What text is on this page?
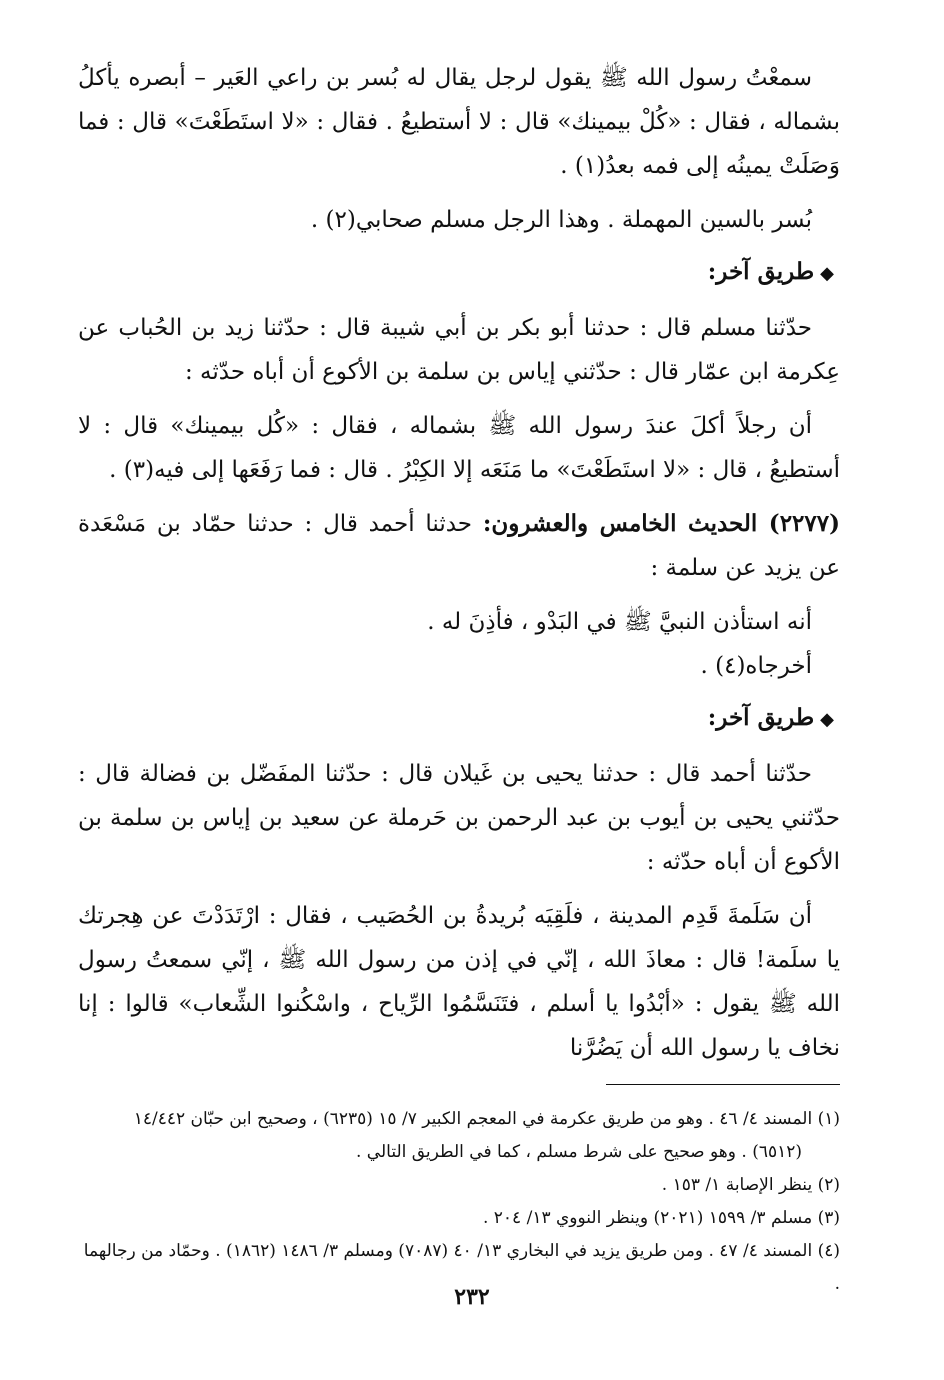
سمعْتُ رسول الله ﷺ يقول لرجل يقال له بُسر بن راعي العَير – أبصره يأكلُ بشماله ، فقال : «كُلْ بيمينك» قال : لا أستطيعُ . فقال : «لا استَطَعْتَ» قال : فما وَصَلَتْ يمينُه إلى فمه بعدُ(١) .

بُسر بالسين المهملة . وهذا الرجل مسلم صحابي(٢) .

◆طريق آخر:

حدّثنا مسلم قال : حدثنا أبو بكر بن أبي شيبة قال : حدّثنا زيد بن الحُباب عن عِكرمة ابن عمّار قال : حدّثني إياس بن سلمة بن الأكوع أن أباه حدّثه :

أن رجلاً أكلَ عندَ رسول الله ﷺ بشماله ، فقال : «كُل بيمينك» قال : لا أستطيعُ ، قال : «لا استَطَعْتَ» ما مَنَعَه إلا الكِبْرُ . قال : فما رَفَعَها إلى فيه(٣) .

(٢٢٧٧) الحديث الخامس والعشرون: حدثنا أحمد قال : حدثنا حمّاد بن مَسْعَدة عن يزيد عن سلمة :

أنه استأذن النبيَّ ﷺ في البَدْو ، فأذِنَ له .

أخرجاه(٤) .

◆طريق آخر:

حدّثنا أحمد قال : حدثنا يحيى بن غَيلان قال : حدّثنا المفَضّل بن فضالة قال : حدّثني يحيى بن أيوب بن عبد الرحمن بن حَرملة عن سعيد بن إياس بن سلمة بن الأكوع أن أباه حدّثه :

أن سَلَمةَ قَدِم المدينة ، فلَقِيَه بُريدةُ بن الحُصَيب ، فقال : ارْتَدَدْتَ عن هِجرتك يا سلَمة! قال : معاذَ الله ، إنّي في إذن من رسول الله ﷺ ، إنّي سمعتُ رسول الله ﷺ يقول : «أبْدُوا يا أسلم ، فتَنَسَّمُوا الرِّياح ، واسْكُنوا الشِّعاب» قالوا : إنا نخاف يا رسول الله أن يَضُرَّنا

(١) المسند ٤/ ٤٦ . وهو من طريق عكرمة في المعجم الكبير ٧/ ١٥ (٦٢٣٥) ، وصحيح ابن حبّان ١٤/٤٤٢

(٦٥١٢) . وهو صحيح على شرط مسلم ، كما في الطريق التالي .

(٢) ينظر الإصابة ١/ ١٥٣ .

(٣) مسلم ٣/ ١٥٩٩ (٢٠٢١) وينظر النووي ١٣/ ٢٠٤ .

(٤) المسند ٤/ ٤٧ . ومن طريق يزيد في البخاري ١٣/ ٤٠ (٧٠٨٧) ومسلم ٣/ ١٤٨٦ (١٨٦٢) . وحمّاد من رجالهما .

٢٣٢
